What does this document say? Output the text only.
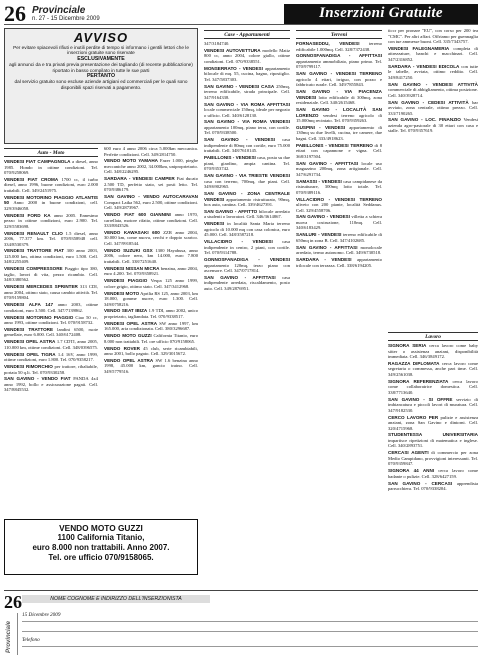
26 Provinciale
n. 27 - 15 Dicembre 2009	Inserzioni Gratuite
AVVISO

Per evitare spiacevoli rifiuti e inutili perdite di tempo si informano i gentili lettori che le inserzioni gratuite sono riservate

ESCLUSIVAMENTE

agli annunci da e tra privati previa presentazione dei tagliando (di recente pubblicazione) riportato in basso compilato in tutte le sue parti

PERTANTO

dal servizio gratuito sono escluse aziende artigiani ed commerciali per le quali sono disponibili spazi riservati a pagamento.

Auto - Moto

VENDESI FIAT CAMPAGNOLA a diesel, anno 1985. Hondo in ottime condizioni. Tel. 070/9258069.

VENDESI FIAT CROMA 1700 cc, il turbo diesel, anno 1996, buone condizioni, euro 2.000 trattabili. Cell. 349/2451975.

VENDESI MOTORINO PIAGGIO ATLANTIS 50 Anno 2000 in buone condizioni, cell. 329/3946058.

VENDESI FORD KA anno 2005. Ennesimo pezzo in ottime condizioni, euro 2.900. Tel. 329/5583698.

VENDESI RENAULT CLIO 1.5 diesel, anno 2006, 77.377 km. Tel. 070/9358948 cell. 334/8530379.

VENDESI TRATTORE FIAT 300 anno 2003, 125.000 km, ottima condizioni, euro 1.500. Cell. 348/2255409.

VENDESI COMPRESSORE Piaggio tipo 380, taglio, lavori di vita, pezzo ricambio. Cell. 348/3380562.

VENDESI MERCEDES SPRINTER 313 CDI, anno 2004, ottimo stato, causa cambio attività. Tel. 070/9159804.

VENDESI ALFA 147 anno 2003, ottime condizioni, euro 3.500. Cell. 347/7139862.

VENDESI MOTORINO PIAGGIO Ciao 50 cc, anno 1993, ottime condizioni. Tel. 070/9158732.

VENDESI TRATTORE landini 6500, ruote gemellate, euro 6.000. Cell. 340/6172408.

VENDESI OPEL ASTRA 1.7 CDTI, anno 2005, 110.000 km, ottime condizioni. Cell. 348/0396575.

VENDESI OPEL TIGRA 1.4 16V, anno 1999, ottime condizioni, euro 1.800. Tel. 070/9358217.

VENDESI RIMORCHIO per trattore, ribaltabile, portata 50 q.li. Tel. 070/9330258.

SAN GAVINO - VENDO FIAT PANDA 4x4 anno 1992, bollo e assicurazione pagati. Cell. 347/8845532.

600 euro 4 anno 2006 circa 5.000km meccanica. Perfette condizioni. Cell. 349/2814750.

VENDO MOTO YAMAHA Fazer 1.000, pieghe meccaniche anno 2002, 34.000km, uniproprietario. Cell. 348/2246295.

SARDARA - VENDESI CAMPER Fiat ducato 2.500 TD, perfetto stato, sei posti letto. Tel. 070/9386179.

SAN GAVINO - VENDO AUTOCARAVAN Compact Laika 562, euro 2.500, ottime condizioni. Cell. 349/2873967.

VENDO FIAT 600 GIANNINI anno 1970, carrellata, motore rifatto, ottime condizioni. Cell. 333/8843526.

VENDO KAWASAKI 600 ZZR anno 2004, 30.000 km, come nuova, cerchi e doppio scarico. Cell. 347/9918544.

VENDO SUZUKI GSX 1300 Hayabusa, anno 2006, colore nero, km 14.000, euro 7.800 trattabili. Cell. 338/7251640.

VENDESI NISSAN MICRA benzina, anno 2004, euro 4.200. Tel. 070/9358921.

VENDESI PIAGGIO Vespa 125 anno 1999, colore grigio, ottimo stato. Cell. 347/3412968.

VENDESI MOTO Aprilia RS 125, anno 2003, km 18.000, gomme nuove, euro 1.300. Cell. 349/0758216.

VENDO SEAT IBIZA 1.9 TDI, anno 2002, unico proprietario, tagliandata. Tel. 070/9338517.

VENDESI OPEL ASTRA SW anno 1997, km 165.000, aria condizionata. Cell. 380/3296687.

VENDO MOTO GUZZI California Titanio, euro 8.000 non trattabili. Tel. ore ufficio 070/9158065.

VENDO ROVER 45 club, serie ricambiabili, anno 2001, bollo pagato. Cell. 329/3015672.

VENDO OPEL ASTRA SW 1.6 benzina anno 1998, 45.000 km, gancio traino. Cell. 349/5779516.

VENDO MOTO GUZZI
1100 California Titanio,
euro 8.000 non trattabili. Anno 2007.
Tel. ore ufficio 070/9158065.
Case - Appartamenti

347/3184740.

VENDESI AUTOVETTURA modello Matiz 800 cc, anno 2004, colore giallo, ottime condizioni. Cell. 070/9338551.

MONSERRATO - VENDESI appartamento bilocale di mq. 55, cucina, bagno, ripostiglio. Tel. 347/5837303.

SAN GAVINO - VENDESI CASA 250mq, terreno edificabile, strada principale. Cell. 347/9164338.

SAN GAVINO - VIA ROMA AFFITTASI locale commerciale 150mq, ideale per negozio o ufficio. Cell. 340/6128130.

SAN GAVINO - VIA ROMA VENDESI appartamento 100mq, piano terra, con cortile. Tel. 070/9338500.

SAN GAVINO - VENDESI casa indipendente di 80mq con cortile, euro 75.000 trattabili. Cell. 348/7610145.

PABILLONIS - VENDESI casa, posta su due piani, giardino, ampia cantina. Tel. 070/9353742.

SAN GAVINO - VIA TRIESTE VENDESI casa con terreno, 700mq, due piani. Cell. 349/6902965.

SAN GAVINO - ZONA CENTRALE VENDESI appartamento ristrutturato, 90mq, box auto, cantina. Cell. 339/4627391.

SAN GAVINO - AFFITTO bilocale arredato a studenti o lavoratori. Cell. 346/3614867.

VENDESI in località Santa Maria terreno agricolo di 10.000 mq con casa colonica, euro 45.000. Cell. 348/3587218.

VILLACIDRO - VENDESI casa indipendente in centro, 2 piani, con cortile. Tel. 070/9314788.

GONNOSFANADIGA - VENDESI appartamento 120mq, terzo piano con ascensore. Cell. 347/0717814.

SAN GAVINO - AFFITTASI casa indipendente arredata, riscaldamento, posto auto. Cell. 349/2876951.

Terreni

FORNASEDDU, VENDESI terreno edificabile 1.000mq. Cell. 328/7372438.

GONNOSFANADIGA - AFFITTASI appartamento ammobiliato, piano primo. Tel. 070/9799117.

SAN GAVINO - VENDESI TERRENO agricolo 4 ettari, irriguo, con pozzo e fabbricato rurale. Cell. 349/7855843.

SAN GAVINO - VIA PIACENZA VENDESI lotto edificabile di 300mq, zona residenziale. Cell. 340/2615468.

SAN GAVINO - LOCALITÀ SAN LORENZO vendesi terreno agricolo di 15.000mq recintato. Tel. 070/9359263.

GUSPINI - VENDESI appartamento di 130mq su due livelli, cucina, tre camere, due bagni. Cell. 333/4918623.

PABILLONIS - VENDESI TERRENO di 8 ettari con capannone e vigna. Cell. 368/3197504.

SAN GAVINO - AFFITTASI locale uso magazzino 200mq, zona artigianale. Cell. 347/6291734.

SAMASSI - VENDESI casa campidanese da ristrutturare, 300mq lotto totale. Tel. 070/9389116.

VILLACIDRO - VENDESI TERRENO uliveto con 200 piante, località Seddanus. Cell. 329/4558706.

SAN GAVINO - VENDESI villetta a schiera nuova costruzione, 110mq. Cell. 340/6183429.

SANLURI - VENDESI terreno edificabile di 650mq in zona B. Cell. 347/4102685.

SAN GAVINO - AFFITTASI monolocale arredato, termo autonomo. Cell. 349/6730518.

SARDARA - VENDESI appartamento trilocale con terrazza. Cell. 338/6194205.

ticcr per pronare "EU", con corso per 200 tea "CMC". Per altri affari. Offriamo per guennaglia con tue ammesse buoni. Cell. 335/7343757.

VENDESI FALEGNAMERIA completa di attrezzature, banchi e macchinari. Cell. 347/2316852.

SARDARA - VENDESI EDICOLA con tutte le tabelle, avviata, ottimo reddito. Cell. 349/8417250.

SAN GAVINO - VENDESI ATTIVITÀ commerciale di abbigliamento, ottima posizione. Cell. 340/3928714.

SAN GAVINO - CEDESI ATTIVITÀ bar avviato, zona centrale, ottimo prezzo. Cell. 333/7190265.

SAN GAVINO - LOC. FINANZIO Vendesi azienda agro-pastorale di 30 ettari con casa e stalle. Tel. 070/9357619.

Lavoro

SIGNORA SERIA cerca lavoro come baby sitter o assistenza anziani, disponibilità immediata. Cell. 346/3849172.

RAGAZZA DIPLOMATA cerca lavoro come segretaria o commessa, anche part time. Cell. 349/2561038.

SIGNORA REFERENZIATA cerca lavoro come collaboratrice domestica. Cell. 338/7713640.

SAN GAVINO - SI OFFRE servizio di imbiancatura e piccoli lavori di muratura. Cell. 347/9182530.

CERCO LAVORO PER pulizie e assistenza anziani, zona San Gavino e dintorni. Cell. 320/4715968.

STUDENTESSA UNIVERSITARIA impartisce ripetizioni di matematica e inglese. Cell. 340/2893751.

CERCASI AGENTI di commercio per zona Medio Campidano, provvigioni interessanti. Tel. 070/9359847.

SIGNORA 44 ANNI cerca lavoro come badante o pulizie. Cell. 328/6427159.

SAN GAVINO - CERCASI apprendista parrucchiera. Tel. 070/9338204.

26
Provinciale
NOME COGNOME E INDIRIZZO DELL'INSERZIONISTA
15 Dicembre 2009
Telefono
